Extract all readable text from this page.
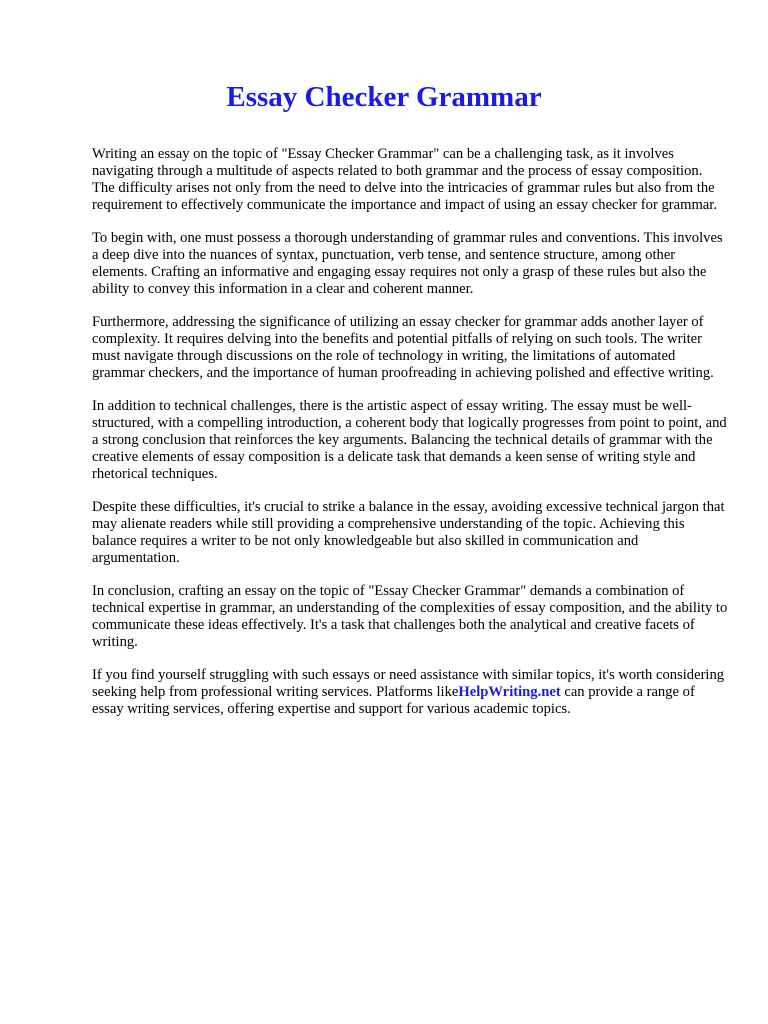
Essay Checker Grammar

Writing an essay on the topic of "Essay Checker Grammar" can be a challenging task, as it involves navigating through a multitude of aspects related to both grammar and the process of essay composition. The difficulty arises not only from the need to delve into the intricacies of grammar rules but also from the requirement to effectively communicate the importance and impact of using an essay checker for grammar.

To begin with, one must possess a thorough understanding of grammar rules and conventions. This involves a deep dive into the nuances of syntax, punctuation, verb tense, and sentence structure, among other elements. Crafting an informative and engaging essay requires not only a grasp of these rules but also the ability to convey this information in a clear and coherent manner.

Furthermore, addressing the significance of utilizing an essay checker for grammar adds another layer of complexity. It requires delving into the benefits and potential pitfalls of relying on such tools. The writer must navigate through discussions on the role of technology in writing, the limitations of automated grammar checkers, and the importance of human proofreading in achieving polished and effective writing.

In addition to technical challenges, there is the artistic aspect of essay writing. The essay must be well-structured, with a compelling introduction, a coherent body that logically progresses from point to point, and a strong conclusion that reinforces the key arguments. Balancing the technical details of grammar with the creative elements of essay composition is a delicate task that demands a keen sense of writing style and rhetorical techniques.

Despite these difficulties, it's crucial to strike a balance in the essay, avoiding excessive technical jargon that may alienate readers while still providing a comprehensive understanding of the topic. Achieving this balance requires a writer to be not only knowledgeable but also skilled in communication and argumentation.

In conclusion, crafting an essay on the topic of "Essay Checker Grammar" demands a combination of technical expertise in grammar, an understanding of the complexities of essay composition, and the ability to communicate these ideas effectively. It's a task that challenges both the analytical and creative facets of writing.

If you find yourself struggling with such essays or need assistance with similar topics, it's worth considering seeking help from professional writing services. Platforms likeHelpWriting.net can provide a range of essay writing services, offering expertise and support for various academic topics.
